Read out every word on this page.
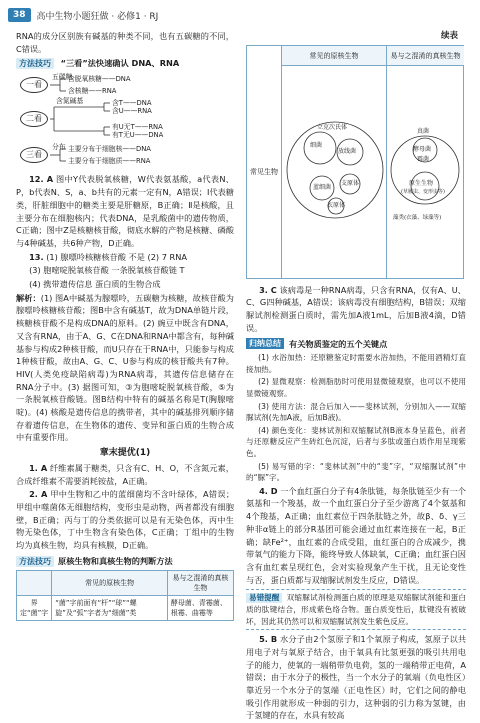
38	高中生物小题狂做 · 必修1 · RJ

RNA的成分区别族有碱基的种类不同，也有五碳糖的不同，C错误。

方法技巧 “三看”法快速确认 DNA、RNA
一看
二看
三看
五碳糖
含脱氧核糖——DNA
含核糖——RNA
含氮碱基	含T——DNA
含U——RNA
有U无T——RNA
有T无U——DNA
分布 主要分布于细胞核——DNA
主要分布于细胞质——RNA

12. A 图中Y代表脱氧核糖，W代表氨基酸，a代表N、P，b代表N、S，a、b共有的元素一定有N，A错误；Ⅰ代表糖类，肝脏细胞中的糖类主要是肝糖原，B正确；Ⅱ是核酸，且主要分布在细胞核内；代表DNA，是乳酸菌中的遗传物质，C正确；图中Z是核糖核苷酸，彻底水解的产物是核糖、磷酸与4种碱基，共6种产物，D正确。

13. (1) 腺嘌呤核糖核苷酸 不是 (2) 7 RNA

(3) 胞嘧啶脱氧核苷酸 一条脱氧核苷酸链 T

(4) 携带遗传信息 蛋白质的生物合成

解析：(1) 图A中碱基为腺嘌呤，五碳糖为核糖，故核苷酸为腺嘌呤核糖核苷酸；图B中含有碱基T，故为DNA单链片段，核糖核苷酸不是构成DNA的原料。(2) 豌豆中既含有DNA，又含有RNA，由于A、G、C在DNA和RNA中都含有，每种碱基参与构成2种核苷酸，而U只存在于RNA中，只能参与构成1种核苷酸，故由A、G、C、U参与构成的核苷酸共有7种。HIV(人类免疫缺陷病毒)为RNA病毒，其遗传信息储存在RNA分子中。(3) 据图可知，③为胞嘧啶脱氧核苷酸，⑤为一条脱氧核苷酸链。图B结构中特有的碱基名称是T(胸腺嘧啶)。(4) 核酸是遗传信息的携带者，其中的碱基排列顺序储存着遗传信息，在生物体的遗传、变异和蛋白质的生物合成中有重要作用。

章末提优(1)

1. A 纤维素属于糖类，只含有C、H、O，不含氮元素，合成纤维素不需要消耗铵盐，A正确。

2. A 甲中生物和乙中的蓝细菌均不含叶绿体，A错误；甲组中噬菌体无细胞结构，变形虫是动物，两者都没有细胞壁，B正确；丙与丁的分类依据可以是有无染色体，丙中生物无染色体，丁中生物含有染色体，C正确；丁组中的生物均为真核生物，均具有核膜，D正确。

方法技巧 原核生物和真核生物的判断方法
	常见的原核生物	易与之混淆的真核生物
界定“菌”字	“菌”字前面有“杆”“球”“螺旋”及“弧”字者为“细菌”类	酵母菌、青霉菌、根霉、曲霉等
续表
常见的原核生物	易与之混淆的真核生物
常见生物
细菌
放线菌
蓝细菌
支原体
衣原体
立克次氏体
真菌
酵母菌
霉菌
原生生物
(草履虫、变形虫等)
藻类(衣藻、绿藻等)

3. C 该病毒是一种RNA病毒，只含有RNA，仅有A、U、C、G四种碱基，A错误；该病毒没有细胞结构，B错误；双缩脲试剂检测蛋白质时，需先加A液1mL，后加B液4滴，D错误。

归纳总结 有关物质鉴定的五个关键点

(1) 水浴加热：还原糖鉴定时需要水浴加热，不能用酒精灯直接加热。

(2) 显微观察：检测脂肪时可使用显微镜观察，也可以不使用显微镜观察。

(3) 使用方法：混合后加入——斐林试剂，分别加入——双缩脲试剂(先加A液，后加B液)。

(4) 颜色变化：斐林试剂和双缩脲试剂B液本身呈蓝色，前者与还原糖反应产生砖红色沉淀，后者与多肽或蛋白质作用呈现紫色。

(5) 易写错的字：“斐林试剂”中的“斐”字，“双缩脲试剂”中的“脲”字。

4. D 一个血红蛋白分子有4条肽链，每条肽链至少有一个氨基和一个羧基，故一个血红蛋白分子至少游离了4个氨基和4个羧基，A正确；血红素位于四条肽链之外，故β、δ、γ三种非α链上的部分R基团可能会通过血红素连接在一起，B正确；缺Fe²⁺，血红素的合成受阻，血红蛋白的合成减少，携带氧气的能力下降，能终导致人体缺氧，C正确；血红蛋白因含有血红素呈现红色，会对实验现象产生干扰，且无论变性与否，蛋白质都与双缩脲试剂发生反应，D错误。

易错提醒 双缩脲试剂检测蛋白质的原理是双缩脲试剂能和蛋白质的肽键结合，形成紫色络合物。蛋白质变性后，肽键没有被破坏，因此其仍然可以和双缩脲试剂发生紫色反应。

5. B 水分子由2个氢原子和1个氧原子构成，氢原子以共用电子对与氧原子结合，由于氧具有比氢更强的吸引共用电子的能力，使氧的一端稍带负电荷，氢的一端稍带正电荷，A错误；由于水分子的极性，当一个水分子的氧端（负电性区）靠近另一个水分子的氢端（正电性区）时，它们之间的静电吸引作用就形成一种弱的引力，这种弱的引力称为氢键，由于氢键的存在，水具有较高
